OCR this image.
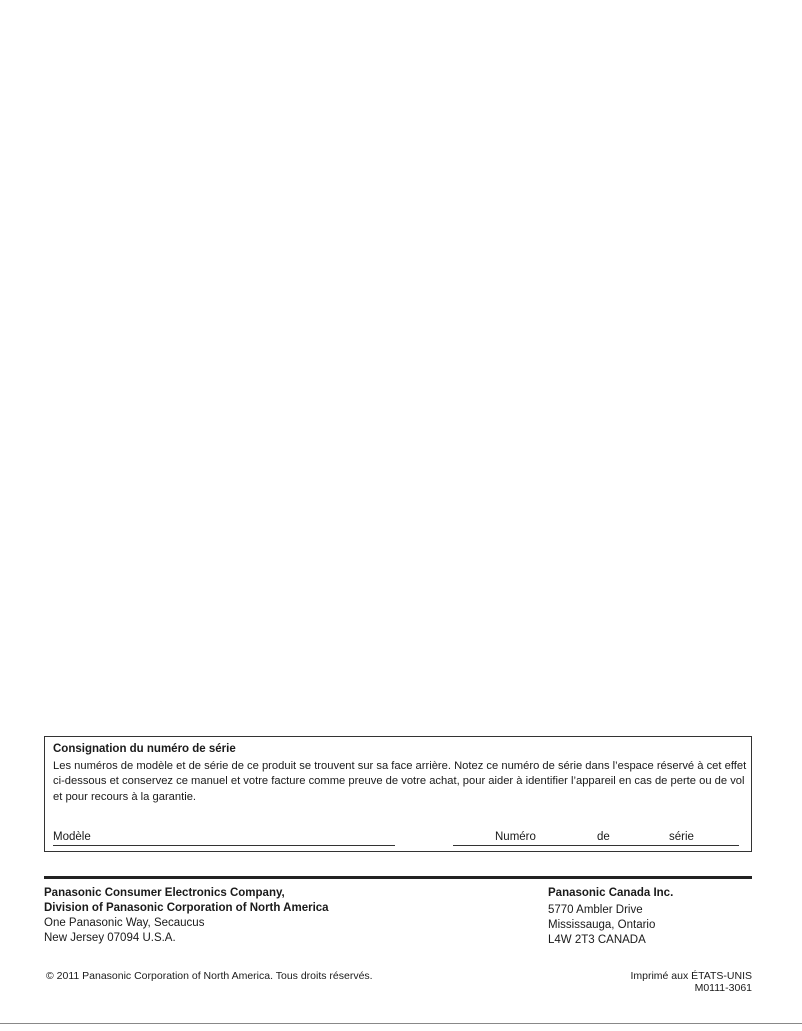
Consignation du numéro de série
Les numéros de modèle et de série de ce produit se trouvent sur sa face arrière. Notez ce numéro de série dans l’espace réservé à cet effet ci-dessous et conservez ce manuel et votre facture comme preuve de votre achat, pour aider à identifier l’appareil en cas de perte ou de vol et pour recours à la garantie.
Modèle	Numéro	de	série
Panasonic Consumer Electronics Company,
Division of Panasonic Corporation of North America
One Panasonic Way, Secaucus
New Jersey 07094 U.S.A.
Panasonic Canada Inc.
5770 Ambler Drive
Mississauga, Ontario
L4W 2T3 CANADA
© 2011 Panasonic Corporation of North America. Tous droits réservés.	Imprimé aux ÉTATS-UNIS
M0111-3061
